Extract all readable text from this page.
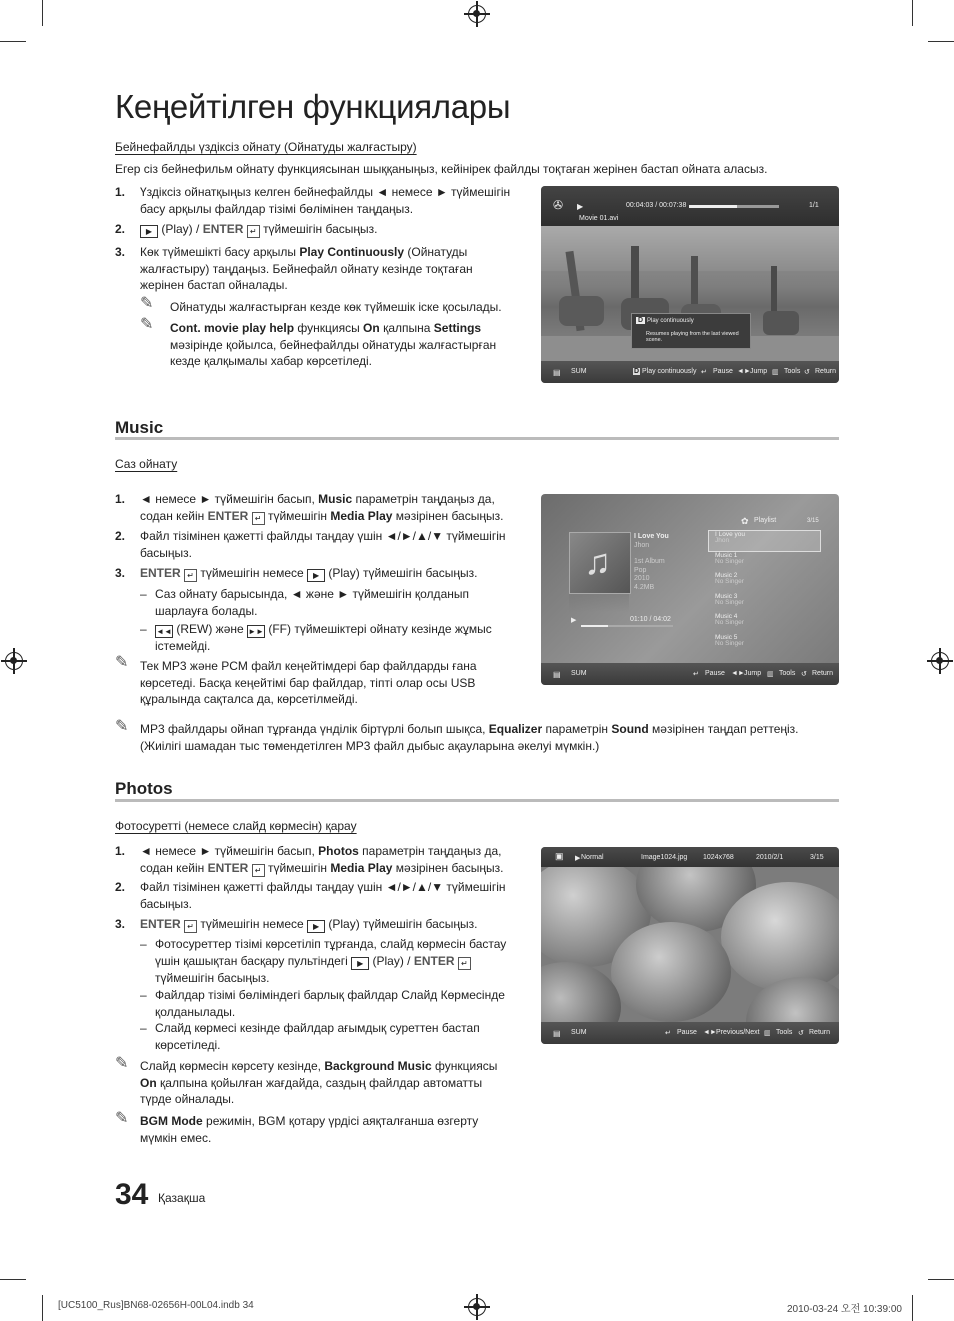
Кеңейтілген функциялары
Бейнефайлды үздіксіз ойнату (Ойнатуды жалғастыру)
Егер сіз бейнефильм ойнату функциясынан шыққаныңыз, кейінірек файлды тоқтаған жерінен бастап ойната аласыз.
1. Үздіксіз ойнатқыңыз келген бейнефайлды ◄ немесе ► түймешігін басу арқылы файлдар тізімі бөлімінен таңдаңыз.
2.	▶ (Play) / ENTER ↵ түймешігін басыңыз.
3. Көк түймешікті басу арқылы Play Continuously (Ойнатуды жалғастыру) таңдаңыз. Бейнефайл ойнату кезінде тоқтаған жерінен бастап ойналады.
✎ Ойнатуды жалғастырған кезде көк түймешік іске қосылады.
✎ Cont. movie play help функциясы On қалпына Settings мәзірінде қойылса, бейнефайлды ойнатуды жалғастырған кезде қалқымалы хабар көрсетіледі.
✇ ▶	00:04:03 / 00:07:38	1/1
Movie 01.avi
D Play continuously
Resumes playing from the last viewed scene.
▤ SUM	D Play continuously ↵ Pause ◄► Jump ▥ Tools ↺ Return
Music
Саз ойнату
1. ◄ немесе ► түймешігін басып, Music параметрін таңдаңыз да, содан кейін ENTER ↵ түймешігін Media Play мәзірінен басыңыз.
2. Файл тізімінен қажетті файлды таңдау үшін ◄/►/▲/▼ түймешігін басыңыз.
3. ENTER ↵ түймешігін немесе ▶ (Play) түймешігін басыңыз.
– Саз ойнату барысында, ◄ және ► түймешігін қолданып шарлауға болады.
– ◄◄ (REW) және ►► (FF) түймешіктері ойнату кезінде жұмыс істемейді.
✎ Тек MP3 және PCM файл кеңейтімдері бар файлдарды ғана көрсетеді. Басқа кеңейтімі бар файлдар, тіпті олар осы USB құралында сақталса да, көрсетілмейді.
✎ MP3 файлдары ойнап тұрғанда үнділік біртүрлі болып шықса, Equalizer параметрін Sound мәзірінен таңдап реттеңіз. (Жиілігі шамадан тыс төмендетілген MP3 файл дыбыс ақауларына әкелуі мүмкін.)
♫
I Love You
Jhon
1st Album
Pop
2010
4.2MB
▶	01:10 / 04:02
✿ Playlist	3/15
I Love you
Jhon
Music 1
No Singer
Music 2
No Singer
Music 3
No Singer
Music 4
No Singer
Music 5
No Singer
▤ SUM	↵ Pause ◄► Jump ▥ Tools ↺ Return
Photos
Фотосуретті (немесе слайд көрмесін) қарау
1. ◄ немесе ► түймешігін басып, Photos параметрін таңдаңыз да, содан кейін ENTER ↵ түймешігін Media Play мәзірінен басыңыз.
2. Файл тізімінен қажетті файлды таңдау үшін ◄/►/▲/▼ түймешігін басыңыз.
3. ENTER ↵ түймешігін немесе ▶ (Play) түймешігін басыңыз.
– Фотосуреттер тізімі көрсетіліп тұрғанда, слайд көрмесін бастау үшін қашықтан басқару пультіндегі ▶ (Play) / ENTER ↵ түймешігін басыңыз.
– Файлдар тізімі бөліміндегі барлық файлдар Слайд Көрмесінде қолданылады.
– Слайд көрмесі кезінде файлдар ағымдық суреттен бастап көрсетіледі.
✎ Слайд көрмесін көрсету кезінде, Background Music функциясы On қалпына қойылған жағдайда, саздың файлдар автоматты түрде ойналады.
✎ BGM Mode режимін, BGM қотару үрдісі аяқталғанша өзгерту мүмкін емес.
▣ ▶ Normal	Image1024.jpg 1024x768	2010/2/1	3/15
▤ SUM	↵ Pause ◄► Previous/Next ▥ Tools ↺ Return
34 Қазақша
[UC5100_Rus]BN68-02656H-00L04.indb 34	2010-03-24 오전 10:39:00
